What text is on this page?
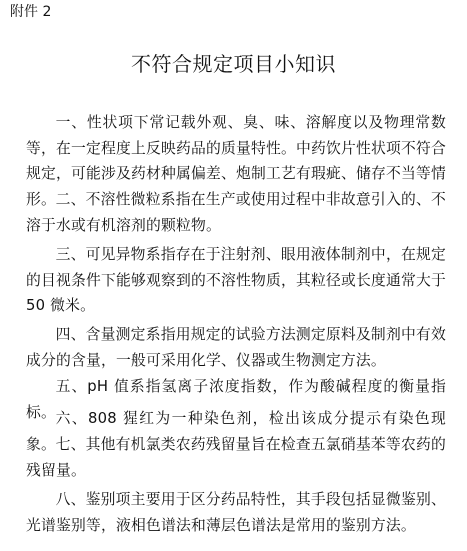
附件 2
不符合规定项目小知识

一、性状项下常记载外观、臭、味、溶解度以及物理常数等，在一定程度上反映药品的质量特性。中药饮片性状项不符合规定，可能涉及药材种属偏差、炮制工艺有瑕疵、储存不当等情形。 二、不溶性微粒系指在生产或使用过程中非故意引入的、不溶于水或有机溶剂的颗粒物。

三、可见异物系指存在于注射剂、眼用液体制剂中，在规定的目视条件下能够观察到的不溶性物质，其粒径或长度通常大于 50 微米。

四、含量测定系指用规定的试验方法测定原料及制剂中有效成分的含量，一般可采用化学、仪器或生物测定方法。

五、pH 值系指氢离子浓度指数，作为酸碱程度的衡量指标。 六、808 猩红为一种染色剂，检出该成分提示有染色现象。 七、其他有机氯类农药残留量旨在检查五氯硝基苯等农药的残留量。

八、鉴别项主要用于区分药品特性，其手段包括显微鉴别、光谱鉴别等，液相色谱法和薄层色谱法是常用的鉴别方法。
